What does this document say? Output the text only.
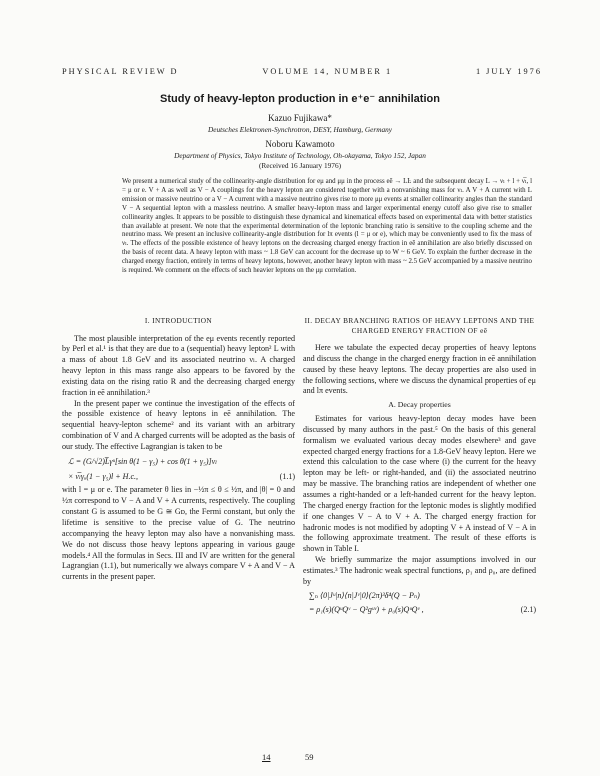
PHYSICAL REVIEW D	VOLUME 14, NUMBER 1	1 JULY 1976
Study of heavy-lepton production in e⁺e⁻ annihilation
Kazuo Fujikawa*
Deutsches Elektronen-Synchrotron, DESY, Hamburg, Germany
Noboru Kawamoto
Department of Physics, Tokyo Institute of Technology, Oh-okayama, Tokyo 152, Japan
(Received 16 January 1976)
We present a numerical study of the collinearity-angle distribution for eμ and μμ in the process eē → LĿ and the subsequent decay L → νₗ + l + ν̅ₗ, l = μ or e. V + A as well as V − A couplings for the heavy lepton are considered together with a nonvanishing mass for νₗ. A V + A current with L emission or massive neutrino or a V − A current with a massive neutrino gives rise to more μμ events at smaller collinearity angles than the standard V − A sequential lepton with a massless neutrino. A smaller heavy-lepton mass and larger experimental energy cutoff also give rise to smaller collinearity angles. It appears to be possible to distinguish these dynamical and kinematical effects based on experimental data with better statistics than available at present. We note that the experimental determination of the leptonic branching ratio is sensitive to the coupling scheme and the neutrino mass. We present an inclusive collinearity-angle distribution for lπ events (l = μ or e), which may be conveniently used to fix the mass of νₗ. The effects of the possible existence of heavy leptons on the decreasing charged energy fraction in eē annihilation are also briefly discussed on the basis of recent data. A heavy lepton with mass ~ 1.8 GeV can account for the decrease up to W ~ 6 GeV. To explain the further decrease in the charged energy fraction, entirely in terms of heavy leptons, however, another heavy lepton with mass ~ 2.5 GeV accompanied by a massive neutrino is required. We comment on the effects of such heavier leptons on the μμ correlation.
I. INTRODUCTION

The most plausible interpretation of the eμ events recently reported by Perl et al.¹ is that they are due to a (sequential) heavy lepton² L with a mass of about 1.8 GeV and its associated neutrino νₗ. A charged heavy lepton in this mass range also appears to be favored by the existing data on the rising ratio R and the decreasing charged energy fraction in eē annihilation.³

In the present paper we continue the investigation of the effects of the possible existence of heavy leptons in eē annihilation. The sequential heavy-lepton scheme² and its variant with an arbitrary combination of V and A charged currents will be adopted as the basis of our study. The effective Lagrangian is taken to be

ℒ = (G/√2)L̅γᵘ[sin θ(1 − γ₅) + cos θ(1 + γ₅)]νₗ
× ν̅ₗγᵤ(1 − γ₅)l + H.c.,	(1.1)

with l = μ or e. The parameter θ lies in −½π ≤ θ ≤ ½π, and |θ| = 0 and ½π correspond to V − A and V + A currents, respectively. The coupling constant G is assumed to be G ≅ Gᴅ, the Fermi constant, but only the lifetime is sensitive to the precise value of G. The neutrino accompanying the heavy lepton may also have a nonvanishing mass. We do not discuss those heavy leptons appearing in various gauge models.⁴ All the formulas in Secs. III and IV are written for the general Lagrangian (1.1), but numerically we always compare V + A and V − A currents in the present paper.

II. DECAY BRANCHING RATIOS OF HEAVY LEPTONS AND THE CHARGED ENERGY FRACTION OF eē

Here we tabulate the expected decay properties of heavy leptons and discuss the change in the charged energy fraction in eē annihilation caused by these heavy leptons. The decay properties are also used in the following sections, where we discuss the dynamical properties of eμ and lπ events.

A. Decay properties

Estimates for various heavy-lepton decay modes have been discussed by many authors in the past.⁵ On the basis of this general formalism we evaluated various decay modes elsewhere³ and gave expected charged energy fractions for a 1.8-GeV heavy lepton. Here we extend this calculation to the case where (i) the current for the heavy lepton may be left- or right-handed, and (ii) the associated neutrino may be massive. The branching ratios are independent of whether one assumes a right-handed or a left-handed current for the heavy lepton. The charged energy fraction for the leptonic modes is slightly modified if one changes V − A to V + A. The charged energy fraction for hadronic modes is not modified by adopting V + A instead of V − A in the following approximate treatment. The result of these efforts is shown in Table I.

We briefly summarize the major assumptions involved in our estimates.³ The hadronic weak spectral functions, ρ₁ and ρ₀, are defined by

∑ₙ ⟨0|Jᵘ|n⟩⟨n|Jᵛ|0⟩(2π)³δ⁴(Q − Pₙ)
= ρ₁(s)(QᵘQᵛ − Q²gᵘᵛ) + ρ₀(s)QᵘQᵛ ,	(2.1)
14	59
